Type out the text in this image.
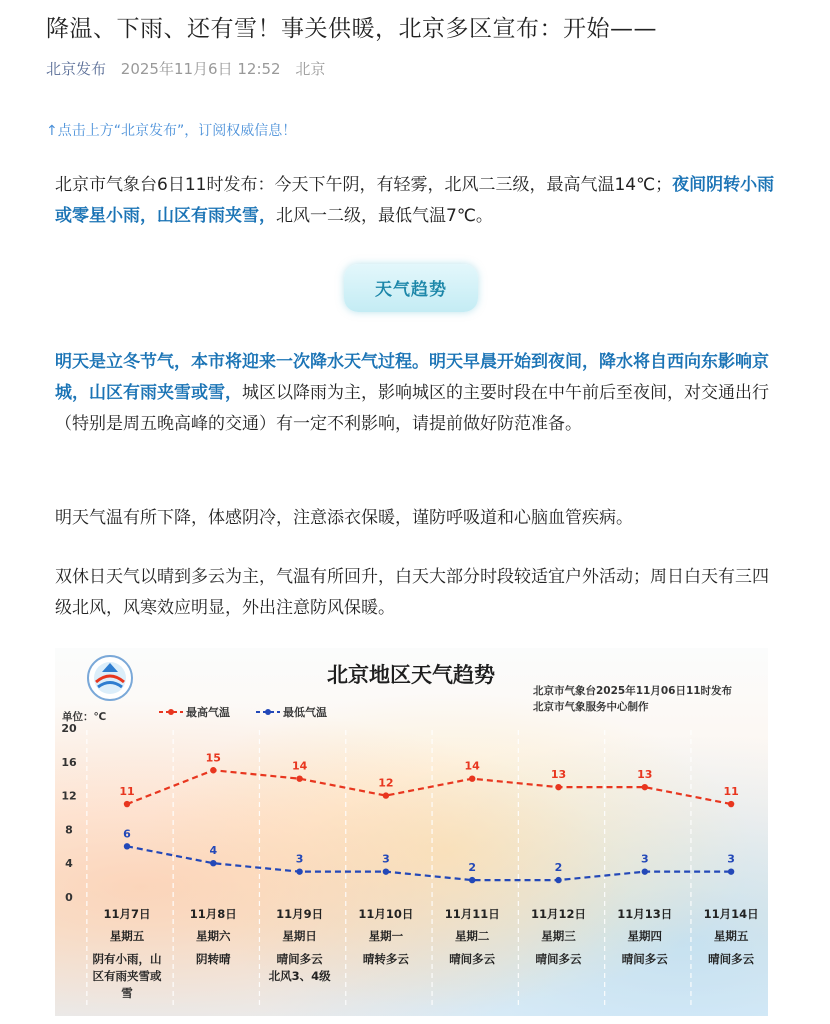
降温、下雨、还有雪！事关供暖，北京多区宣布：开始——
北京发布 2025年11月6日 12:52 北京
↑点击上方“北京发布”，订阅权威信息！

北京市气象台6日11时发布：今天下午阴，有轻雾，北风二三级，最高气温14℃；夜间阴转小雨或零星小雨，山区有雨夹雪，北风一二级，最低气温7℃。

天气趋势

明天是立冬节气，本市将迎来一次降水天气过程。明天早晨开始到夜间，降水将自西向东影响京城，山区有雨夹雪或雪，城区以降雨为主，影响城区的主要时段在中午前后至夜间，对交通出行（特别是周五晚高峰的交通）有一定不利影响，请提前做好防范准备。

明天气温有所下降，体感阴冷，注意添衣保暖，谨防呼吸道和心脑血管疾病。

双休日天气以晴到多云为主，气温有所回升，白天大部分时段较适宜户外活动；周日白天有三四级北风，风寒效应明显，外出注意防风保暖。

北京地区天气趋势
北京市气象台2025年11月06日11时发布
北京市气象服务中心制作
单位：℃	最高气温	最低气温
20
16
12
8
4
0
11
15
14
12
14
13	13
11
6
4
3	3
2	2
3	3
11月7日
星期五
阴有小雨，山
区有雨夹雪或
雪
11月8日
星期六
阴转晴
11月9日
星期日
晴间多云
北风3、4级
11月10日
星期一
晴转多云
11月11日
星期二
晴间多云
11月12日
星期三
晴间多云
11月13日
星期四
晴间多云
11月14日
星期五
晴间多云
